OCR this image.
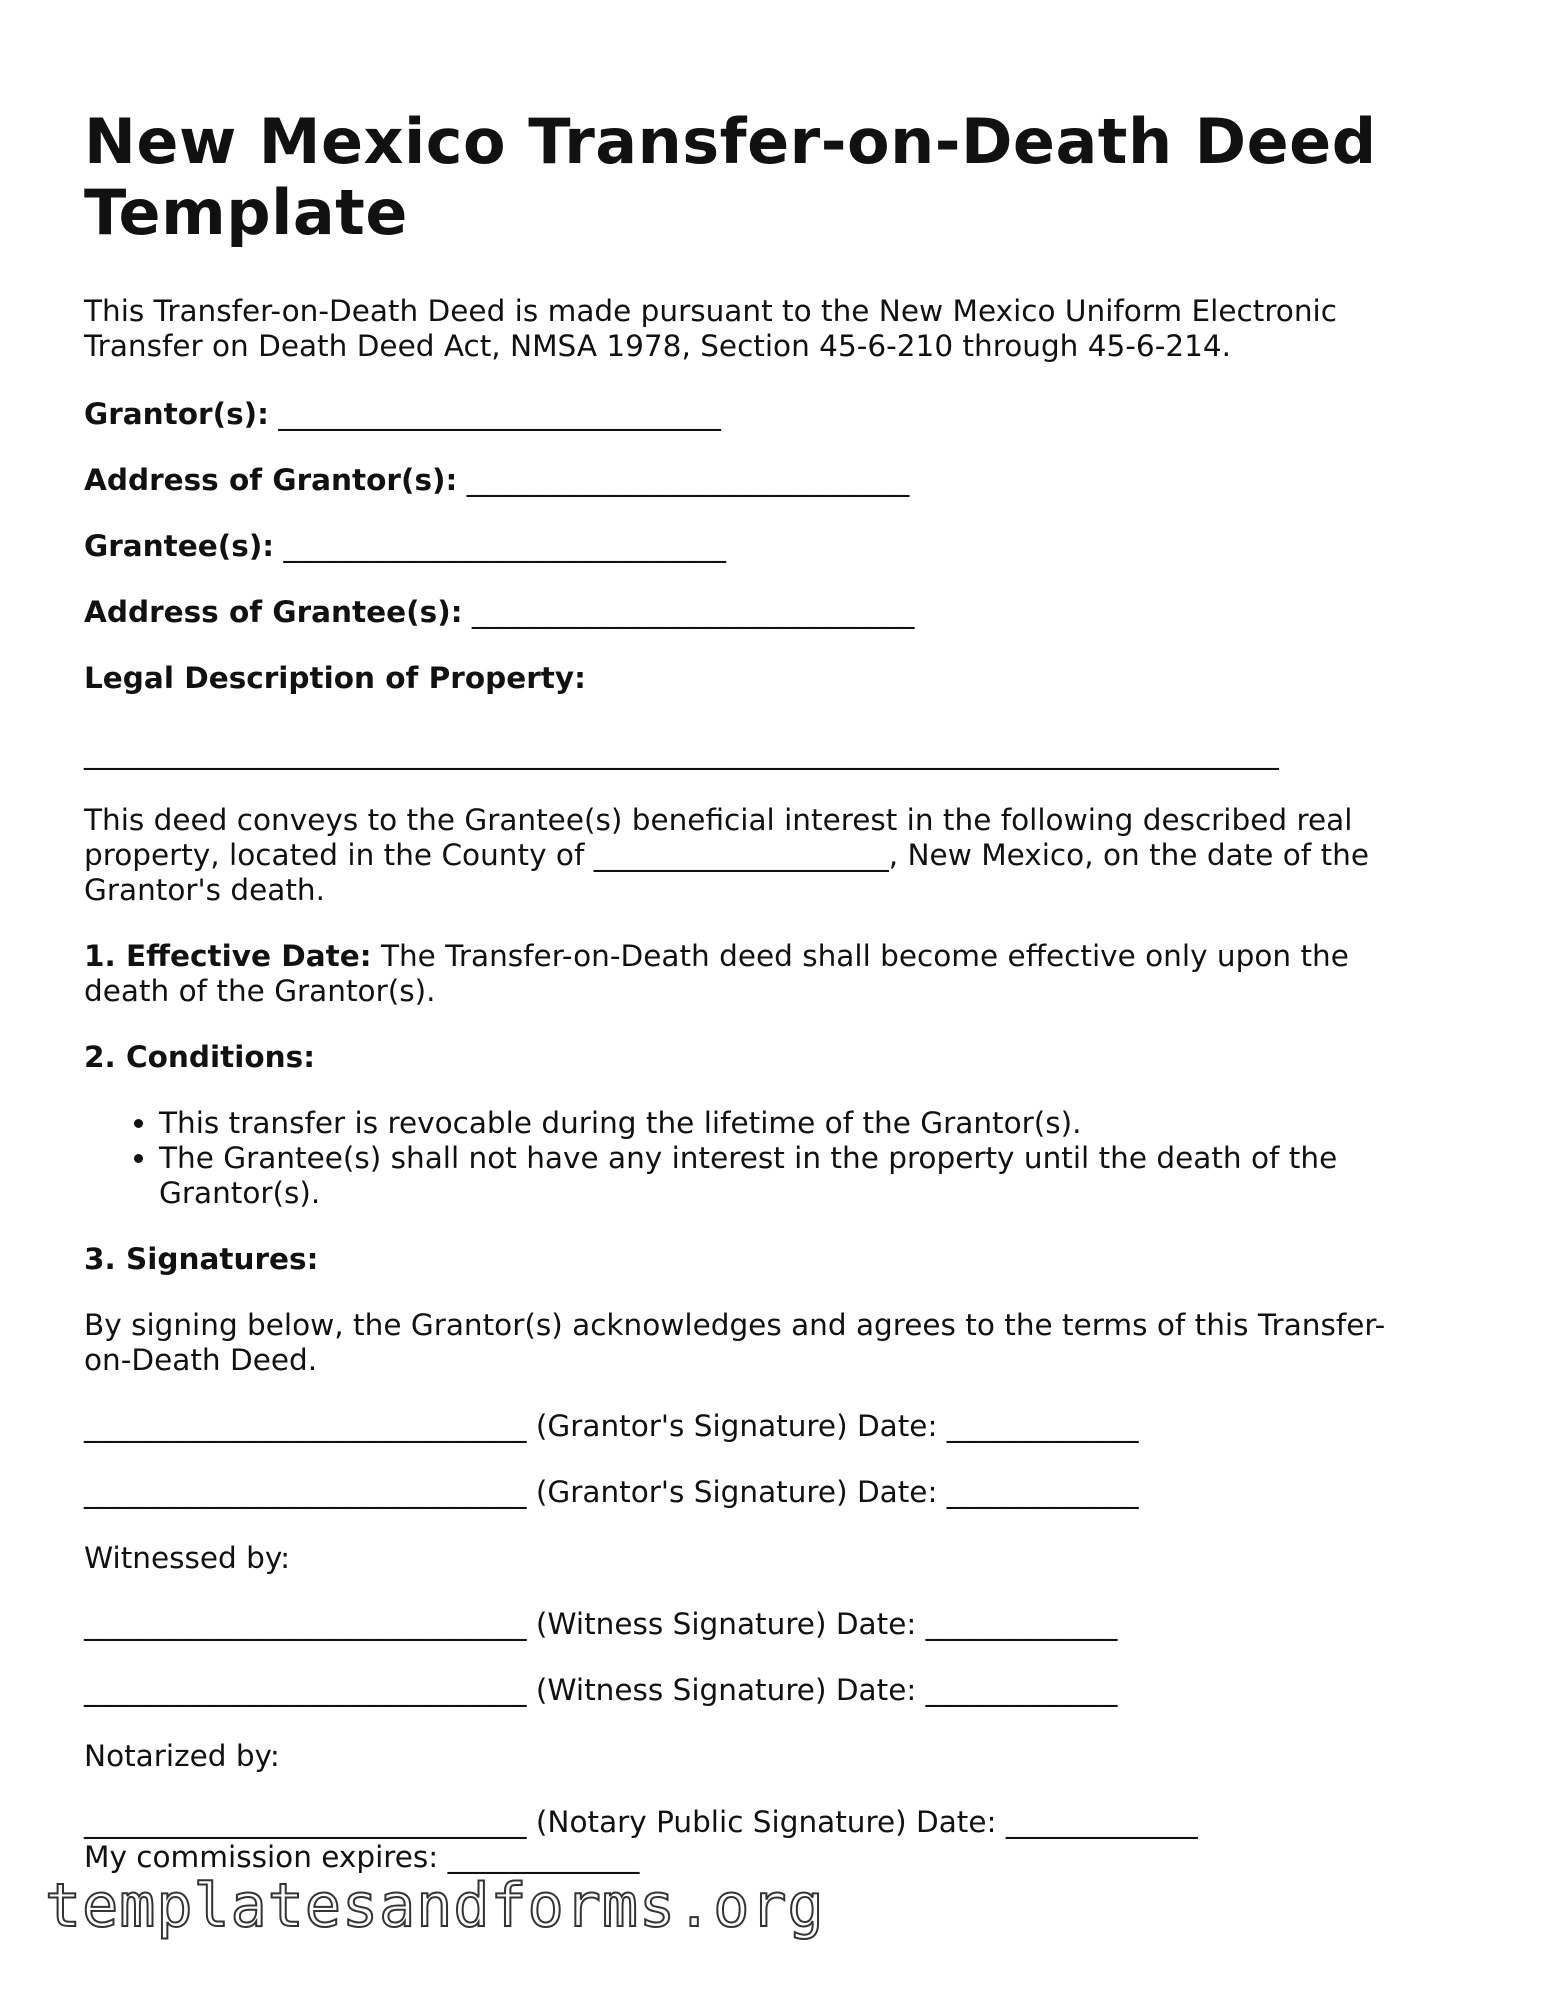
New Mexico Transfer-on-Death Deed Template

This Transfer-on-Death Deed is made pursuant to the New Mexico Uniform Electronic Transfer on Death Deed Act, NMSA 1978, Section 45-6-210 through 45-6-214.

Grantor(s): ______________________________

Address of Grantor(s): ______________________________

Grantee(s): ______________________________

Address of Grantee(s): ______________________________

Legal Description of Property:

_________________________________________________________________________________

This deed conveys to the Grantee(s) beneficial interest in the following described real property, located in the County of ____________________, New Mexico, on the date of the Grantor's death.

1. Effective Date: The Transfer-on-Death deed shall become effective only upon the death of the Grantor(s).

2. Conditions:

• This transfer is revocable during the lifetime of the Grantor(s).
• The Grantee(s) shall not have any interest in the property until the death of the Grantor(s).

3. Signatures:

By signing below, the Grantor(s) acknowledges and agrees to the terms of this Transfer-on-Death Deed.

______________________________ (Grantor's Signature) Date: _____________

______________________________ (Grantor's Signature) Date: _____________

Witnessed by:

______________________________ (Witness Signature) Date: _____________

______________________________ (Witness Signature) Date: _____________

Notarized by:

______________________________ (Notary Public Signature) Date: _____________

My commission expires: _____________

templatesandforms.org
